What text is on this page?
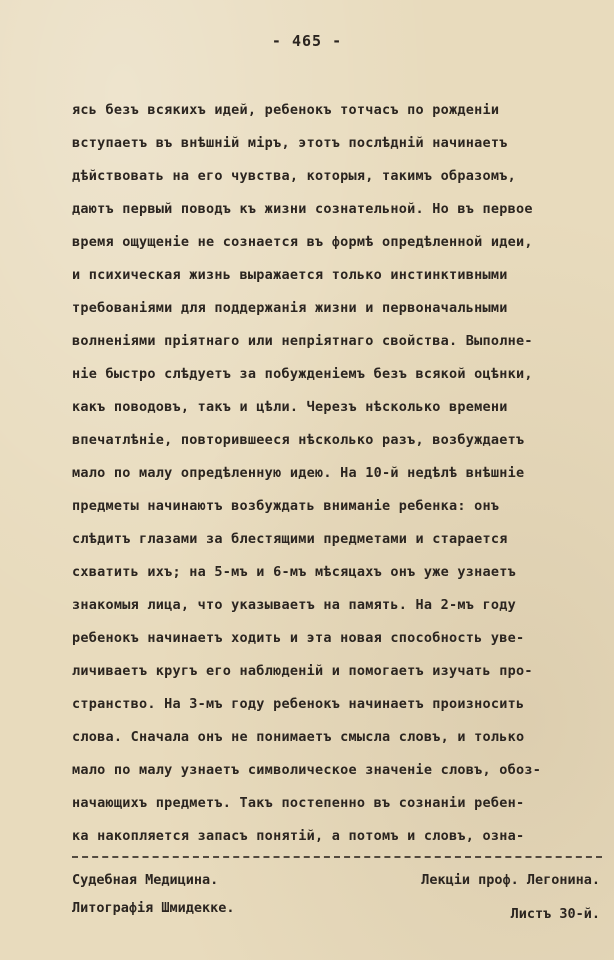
- 465 -
ясь безъ всякихъ идей, ребенокъ тотчасъ по рожденіи
вступаетъ въ внѣшній міръ, этотъ послѣдній начинаетъ
дѣйствовать на его чувства, которыя, такимъ образомъ,
даютъ первый поводъ къ жизни сознательной. Но въ первое
время ощущеніе не сознается въ формѣ опредѣленной идеи,
и психическая жизнь выражается только инстинктивными
требованіями для поддержанія жизни и первоначальными
волненіями пріятнаго или непріятнаго свойства. Выполне-
ніе быстро слѣдуетъ за побужденіемъ безъ всякой оцѣнки,
какъ поводовъ, такъ и цѣли. Черезъ нѣсколько времени
впечатлѣніе, повторившееся нѣсколько разъ, возбуждаетъ
мало по малу опредѣленную идею. На 10-й недѣлѣ внѣшніе
предметы начинаютъ возбуждать вниманіе ребенка: онъ
слѣдитъ глазами за блестящими предметами и старается
схватить ихъ; на 5-мъ и 6-мъ мѣсяцахъ онъ уже узнаетъ
знакомыя лица, что указываетъ на память. На 2-мъ году
ребенокъ начинаетъ ходить и эта новая способность уве-
личиваетъ кругъ его наблюденій и помогаетъ изучать про-
странство. На 3-мъ году ребенокъ начинаетъ произносить
слова. Сначала онъ не понимаетъ смысла словъ, и только
мало по малу узнаетъ символическое значеніе словъ, обоз-
начающихъ предметъ. Такъ постепенно въ сознаніи ребен-
ка накопляется запасъ понятій, а потомъ и словъ, озна-
Судебная Медицина.	Лекціи проф. Легонина.
Литографія Шмидекке.	Листъ 30-й.
